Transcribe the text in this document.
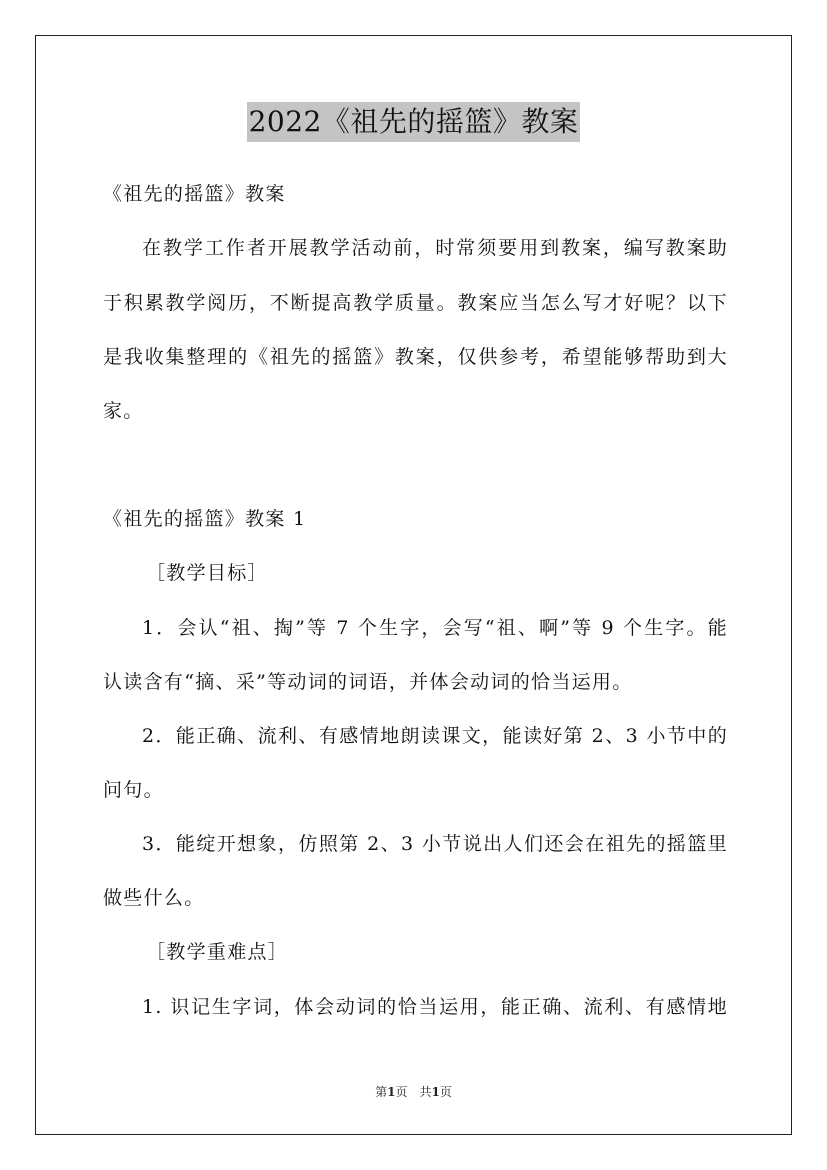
2022《祖先的摇篮》教案
《祖先的摇篮》教案
在教学工作者开展教学活动前，时常须要用到教案，编写教案助
于积累教学阅历，不断提高教学质量。教案应当怎么写才好呢？以下
是我收集整理的《祖先的摇篮》教案，仅供参考，希望能够帮助到大
家。
《祖先的摇篮》教案 1
［教学目标］
1．会认“祖、掏”等 7 个生字，会写“祖、啊”等 9 个生字。能
认读含有“摘、采”等动词的词语，并体会动词的恰当运用。
2．能正确、流利、有感情地朗读课文，能读好第 2、3 小节中的
问句。
3．能绽开想象，仿照第 2、3 小节说出人们还会在祖先的摇篮里
做些什么。
［教学重难点］
1. 识记生字词，体会动词的恰当运用，能正确、流利、有感情地
第1页　共1页
